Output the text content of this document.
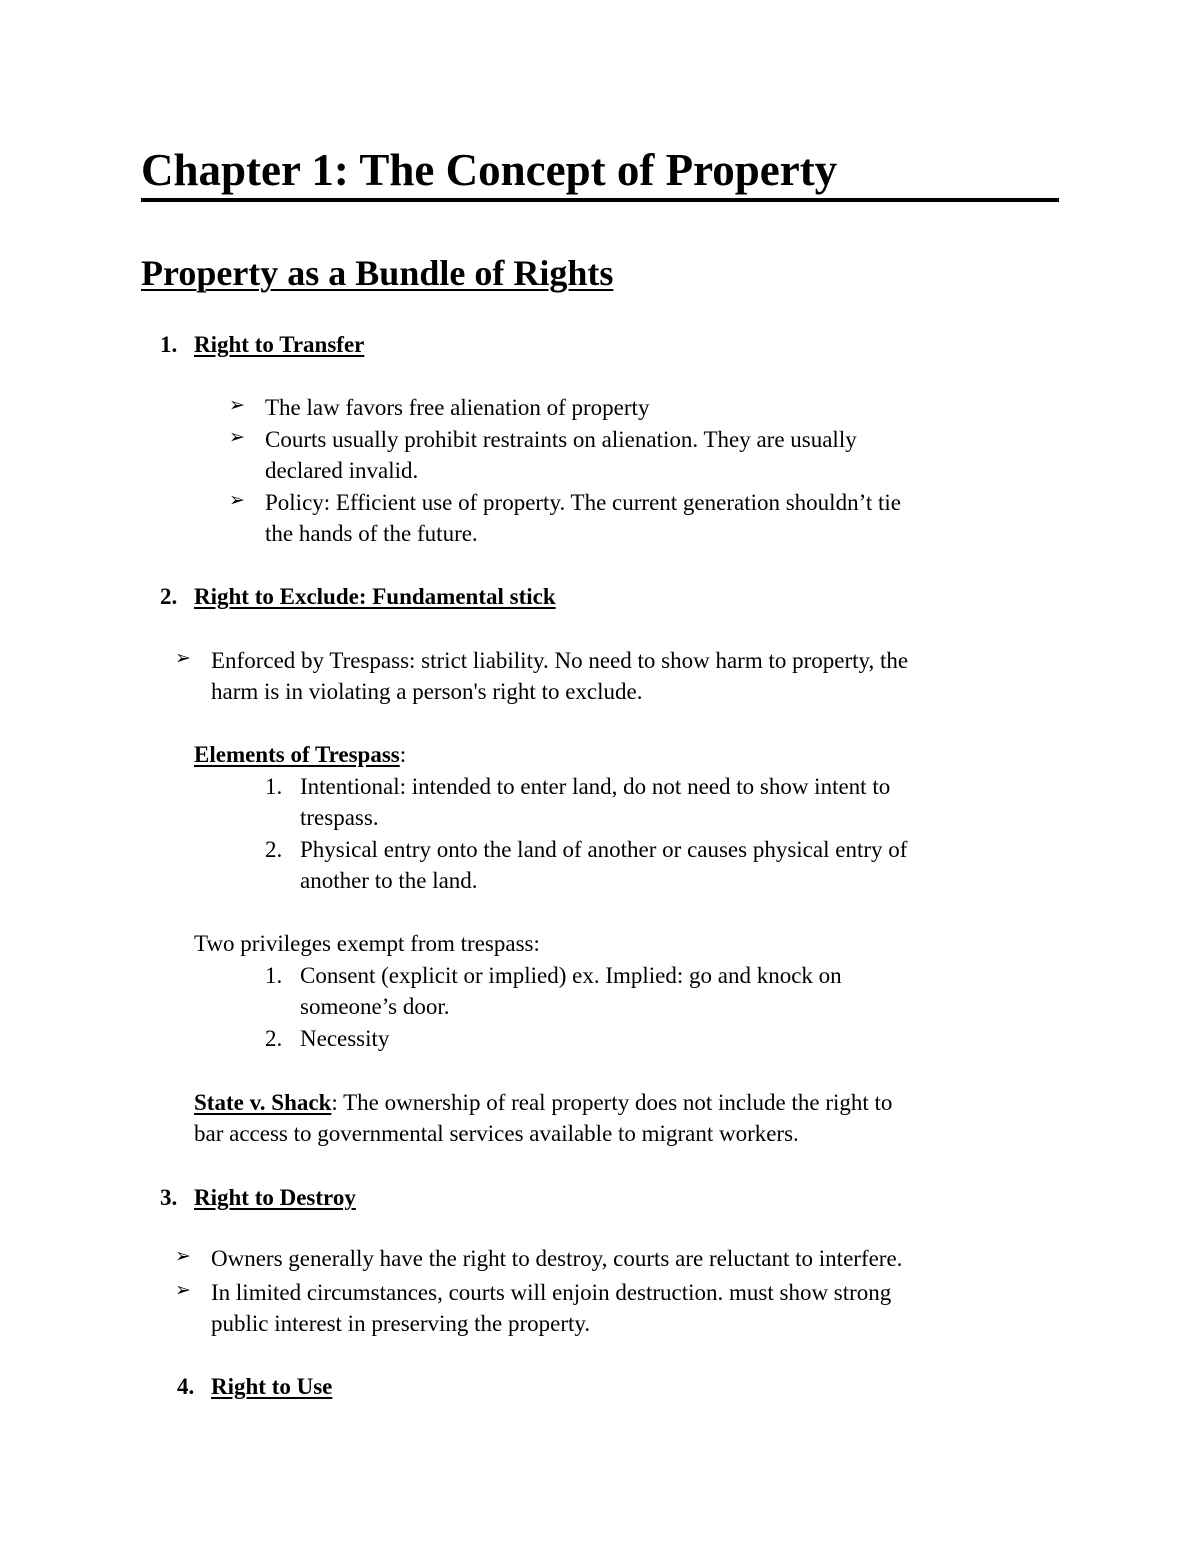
Chapter 1: The Concept of Property
Property as a Bundle of Rights
1. Right to Transfer
➢ The law favors free alienation of property
➢ Courts usually prohibit restraints on alienation. They are usually
declared invalid.
➢ Policy: Efficient use of property. The current generation shouldn’t tie
the hands of the future.
2. Right to Exclude: Fundamental stick
➢ Enforced by Trespass: strict liability. No need to show harm to property, the
harm is in violating a person's right to exclude.
Elements of Trespass:
1. Intentional: intended to enter land, do not need to show intent to
trespass.
2. Physical entry onto the land of another or causes physical entry of
another to the land.
Two privileges exempt from trespass:
1. Consent (explicit or implied) ex. Implied: go and knock on
someone’s door.
2. Necessity
State v. Shack: The ownership of real property does not include the right to
bar access to governmental services available to migrant workers.
3. Right to Destroy
➢ Owners generally have the right to destroy, courts are reluctant to interfere.
➢ In limited circumstances, courts will enjoin destruction. must show strong
public interest in preserving the property.
4. Right to Use
